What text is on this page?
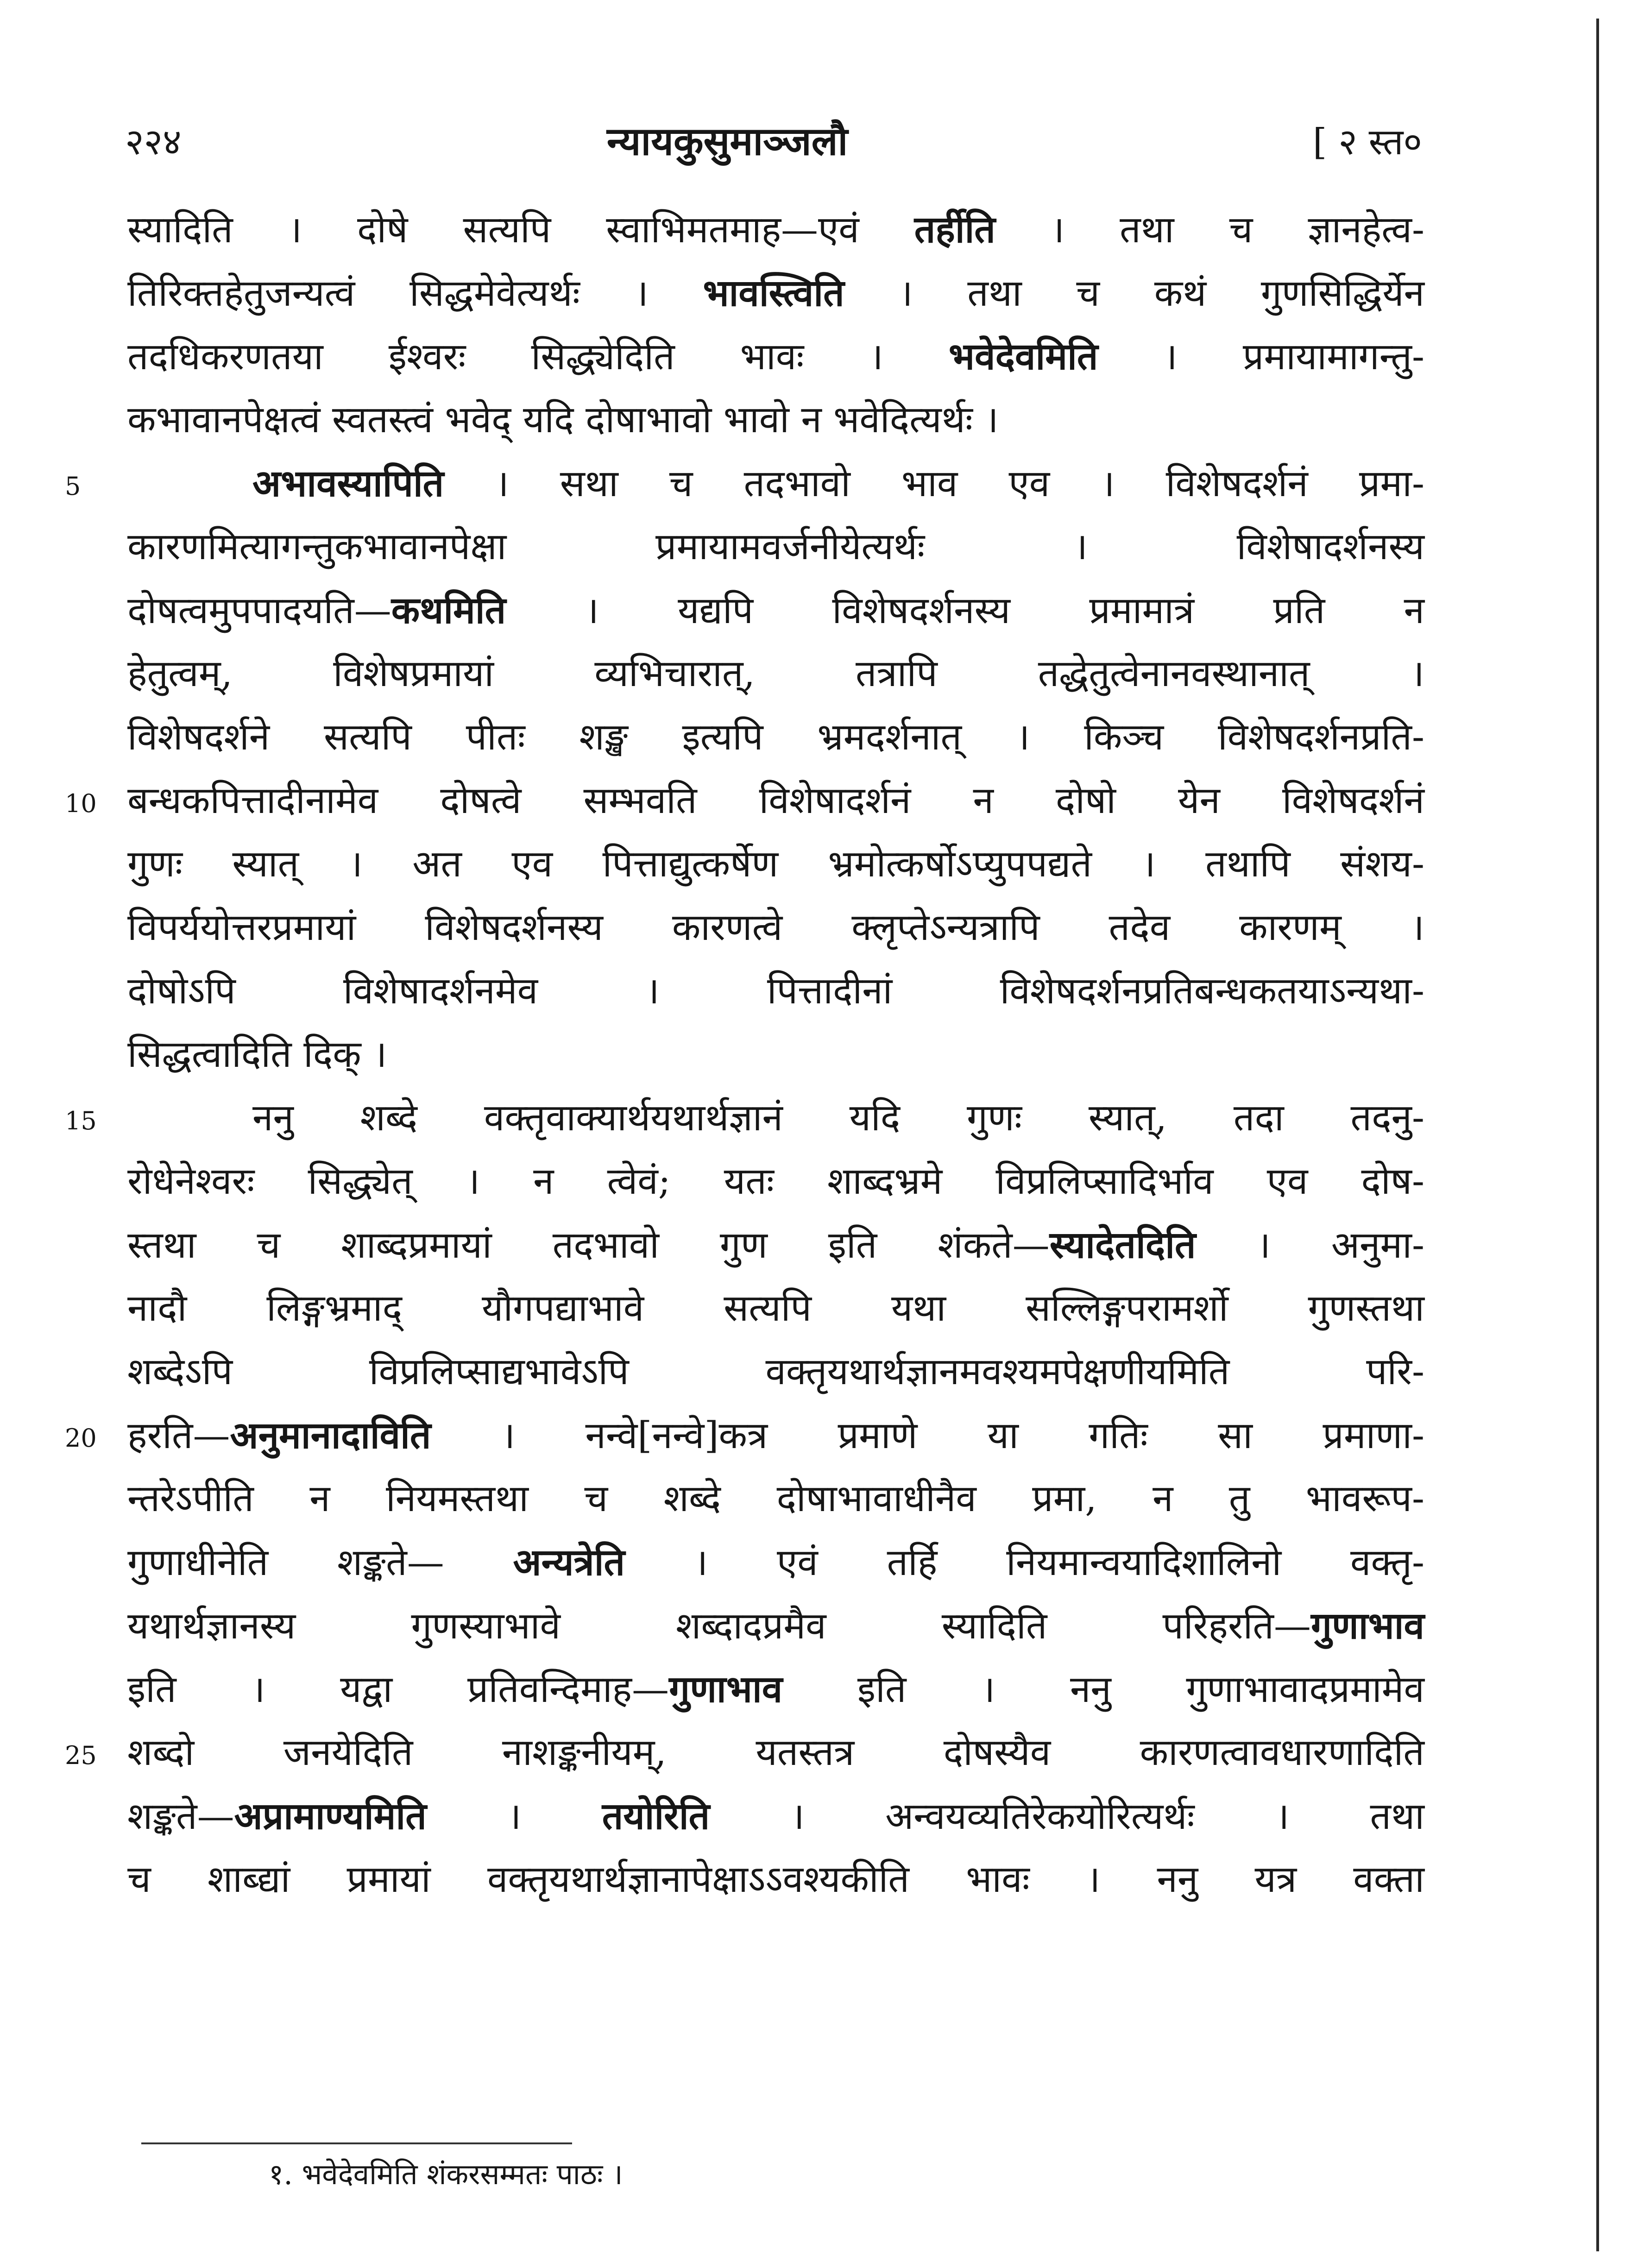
२२४	न्यायकुसुमाञ्जलौ	[ २ स्त०
5
10
15
20
25
स्यादिति । दोषे सत्यपि स्वाभिमतमाह—एवं तर्हीति । तथा च ज्ञानहेत्व-
तिरिक्तहेतुजन्यत्वं सिद्धमेवेत्यर्थः । भावस्त्विति । तथा च कथं गुणसिद्धिर्येन
तदधिकरणतया ईश्वरः सिद्ध्येदिति भावः । भवेदेवमिति । प्रमायामागन्तु-
कभावानपेक्षत्वं स्वतस्त्वं भवेद् यदि दोषाभावो भावो न भवेदित्यर्थः ।
अभावस्यापिति । सथा च तदभावो भाव एव । विशेषदर्शनं प्रमा-
कारणमित्यागन्तुकभावानपेक्षा प्रमायामवर्जनीयेत्यर्थः । विशेषादर्शनस्य
दोषत्वमुपपादयति—कथमिति । यद्यपि विशेषदर्शनस्य प्रमामात्रं प्रति न
हेतुत्वम्, विशेषप्रमायां व्यभिचारात्, तत्रापि तद्धेतुत्वेनानवस्थानात् ।
विशेषदर्शने सत्यपि पीतः शङ्ख इत्यपि भ्रमदर्शनात् । किञ्च विशेषदर्शनप्रति-
बन्धकपित्तादीनामेव दोषत्वे सम्भवति विशेषादर्शनं न दोषो येन विशेषदर्शनं
गुणः स्यात् । अत एव पित्ताद्युत्कर्षेण भ्रमोत्कर्षोऽप्युपपद्यते । तथापि संशय-
विपर्ययोत्तरप्रमायां विशेषदर्शनस्य कारणत्वे क्लृप्तेऽन्यत्रापि तदेव कारणम् ।
दोषोऽपि विशेषादर्शनमेव । पित्तादीनां विशेषदर्शनप्रतिबन्धकतयाऽन्यथा-
सिद्धत्वादिति दिक् ।
ननु शब्दे वक्तृवाक्यार्थयथार्थज्ञानं यदि गुणः स्यात्, तदा तदनु-
रोधेनेश्वरः सिद्ध्येत् । न त्वेवं; यतः शाब्दभ्रमे विप्रलिप्सादिर्भाव एव दोष-
स्तथा च शाब्दप्रमायां तदभावो गुण इति शंकते—स्यादेतदिति । अनुमा-
नादौ लिङ्गभ्रमाद् यौगपद्याभावे सत्यपि यथा सल्लिङ्गपरामर्शो गुणस्तथा
शब्देऽपि विप्रलिप्साद्यभावेऽपि वक्तृयथार्थज्ञानमवश्यमपेक्षणीयमिति परि-
हरति—अनुमानादाविति । नन्वे[नन्वे]कत्र प्रमाणे या गतिः सा प्रमाणा-
न्तरेऽपीति न नियमस्तथा च शब्दे दोषाभावाधीनैव प्रमा, न तु भावरूप-
गुणाधीनेति शङ्कते— अन्यत्रेति । एवं तर्हि नियमान्वयादिशालिनो वक्तृ-
यथार्थज्ञानस्य गुणस्याभावे शब्दादप्रमैव स्यादिति परिहरति—गुणाभाव
इति । यद्वा प्रतिवन्दिमाह—गुणाभाव इति । ननु गुणाभावादप्रमामेव
शब्दो जनयेदिति नाशङ्कनीयम्, यतस्तत्र दोषस्यैव कारणत्वावधारणादिति
शङ्कते—अप्रामाण्यमिति । तयोरिति । अन्वयव्यतिरेकयोरित्यर्थः । तथा
च शाब्द्यां प्रमायां वक्तृयथार्थज्ञानापेक्षाऽऽवश्यकीति भावः । ननु यत्र वक्ता
१. भवेदेवमिति शंकरसम्मतः पाठः ।
